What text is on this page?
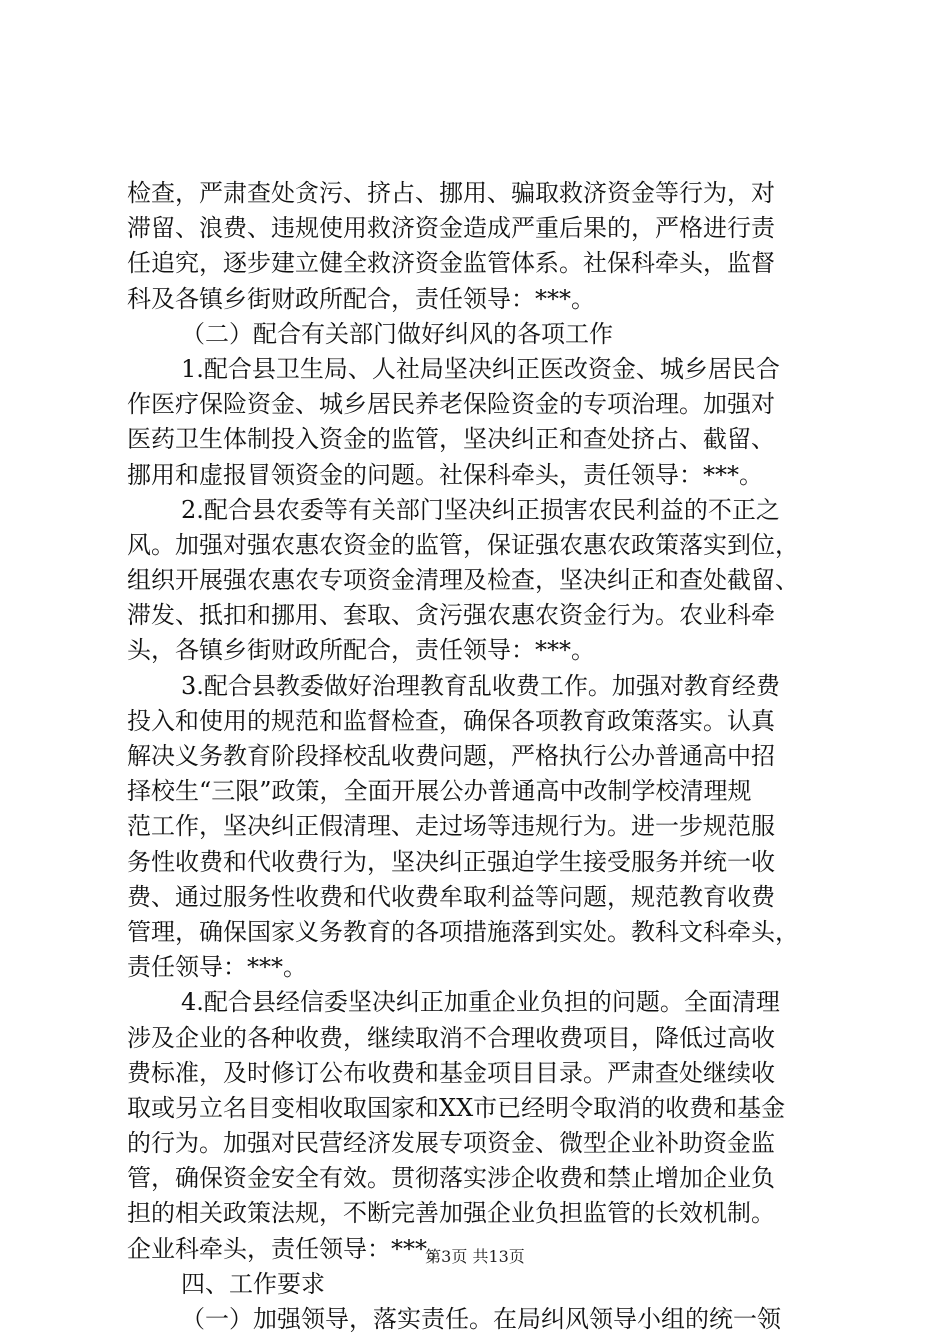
检查，严肃查处贪污、挤占、挪用、骗取救济资金等行为，对
滞留、浪费、违规使用救济资金造成严重后果的，严格进行责
任追究，逐步建立健全救济资金监管体系。社保科牵头，监督
科及各镇乡街财政所配合，责任领导：***。
（二）配合有关部门做好纠风的各项工作
1.配合县卫生局、人社局坚决纠正医改资金、城乡居民合
作医疗保险资金、城乡居民养老保险资金的专项治理。加强对
医药卫生体制投入资金的监管，坚决纠正和查处挤占、截留、
挪用和虚报冒领资金的问题。社保科牵头，责任领导：***。
2.配合县农委等有关部门坚决纠正损害农民利益的不正之
风。加强对强农惠农资金的监管，保证强农惠农政策落实到位，
组织开展强农惠农专项资金清理及检查，坚决纠正和查处截留、
滞发、抵扣和挪用、套取、贪污强农惠农资金行为。农业科牵
头，各镇乡街财政所配合，责任领导：***。
3.配合县教委做好治理教育乱收费工作。加强对教育经费
投入和使用的规范和监督检查，确保各项教育政策落实。认真
解决义务教育阶段择校乱收费问题，严格执行公办普通高中招
择校生“三限”政策，全面开展公办普通高中改制学校清理规
范工作，坚决纠正假清理、走过场等违规行为。进一步规范服
务性收费和代收费行为，坚决纠正强迫学生接受服务并统一收
费、通过服务性收费和代收费牟取利益等问题，规范教育收费
管理，确保国家义务教育的各项措施落到实处。教科文科牵头，
责任领导：***。
4.配合县经信委坚决纠正加重企业负担的问题。全面清理
涉及企业的各种收费，继续取消不合理收费项目，降低过高收
费标准，及时修订公布收费和基金项目目录。严肃查处继续收
取或另立名目变相收取国家和XX市已经明令取消的收费和基金
的行为。加强对民营经济发展专项资金、微型企业补助资金监
管，确保资金安全有效。贯彻落实涉企收费和禁止增加企业负
担的相关政策法规，不断完善加强企业负担监管的长效机制。
企业科牵头，责任领导：***。
四、工作要求
（一）加强领导，落实责任。在局纠风领导小组的统一领
第3页 共13页
